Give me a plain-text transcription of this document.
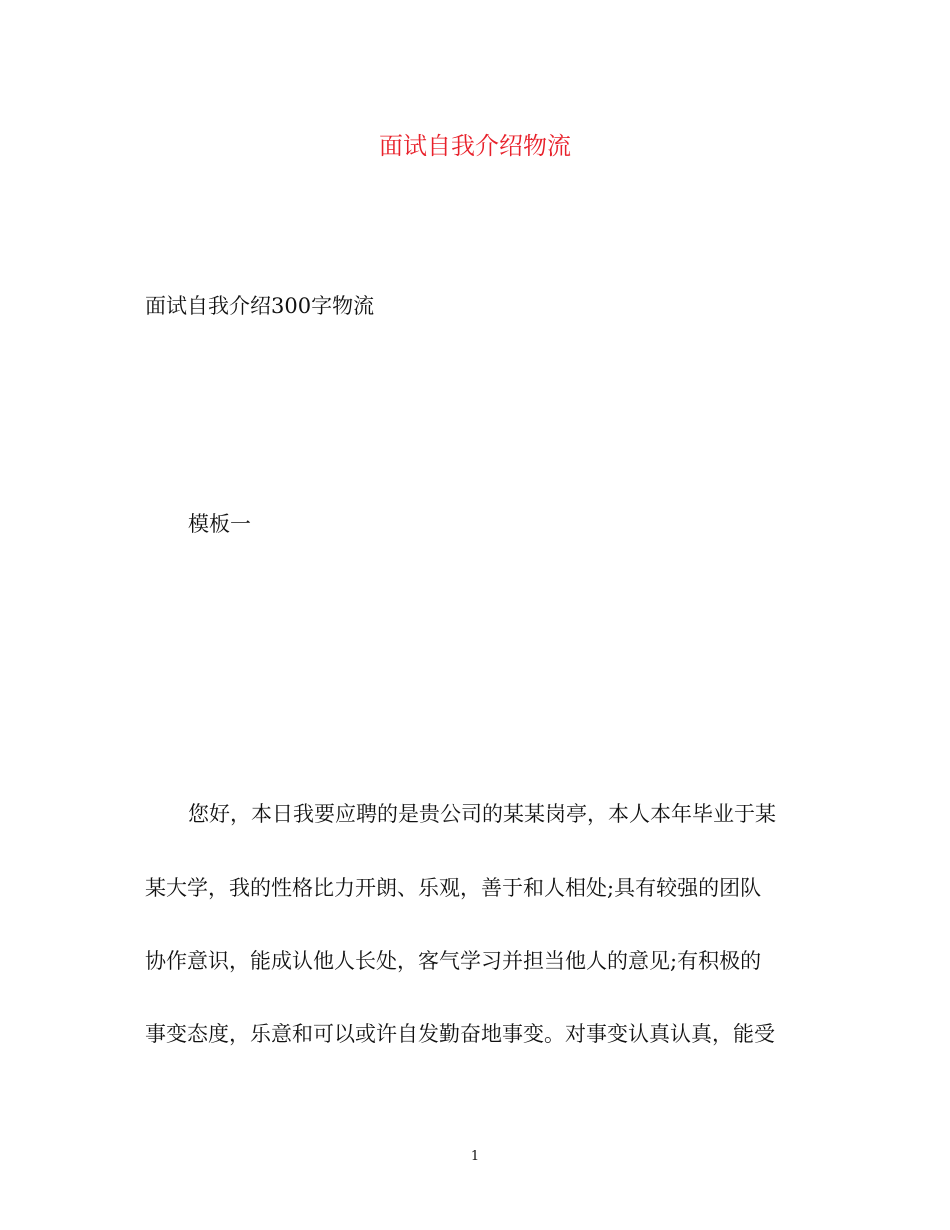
面试自我介绍物流

面试自我介绍300字物流

模板一

您好，本日我要应聘的是贵公司的某某岗亭，本人本年毕业于某

某大学，我的性格比力开朗、乐观，善于和人相处;具有较强的团队

协作意识，能成认他人长处，客气学习并担当他人的意见;有积极的

事变态度，乐意和可以或许自发勤奋地事变。对事变认真认真，能受

1
